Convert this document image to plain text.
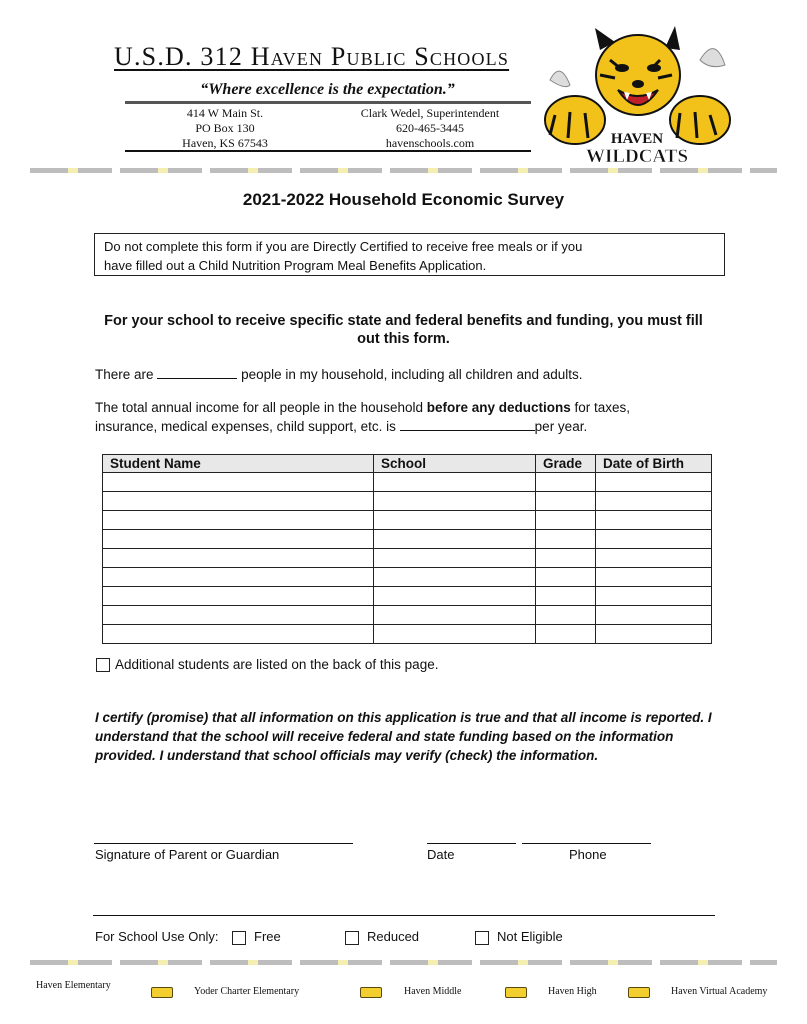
U.S.D. 312 Haven Public Schools
“Where excellence is the expectation.”
414 W Main St.
PO Box 130
Haven, KS 67543
Clark Wedel, Superintendent
620-465-3445
havenschools.com	HAVEN
WILDCATS
2021-2022 Household Economic Survey
Do not complete this form if you are Directly Certified to receive free meals or if you
have filled out a Child Nutrition Program Meal Benefits Application.
For your school to receive specific state and federal benefits and funding, you must fill out this form.
There are	people in my household, including all children and adults.
The total annual income for all people in the household before any deductions for taxes,
insurance, medical expenses, child support, etc. is	per year.
Student Name	School	Grade	Date of Birth

Additional students are listed on the back of this page.
I certify (promise) that all information on this application is true and that all income is reported. I understand that the school will receive federal and state funding based on the information provided. I understand that school officials may verify (check) the information.
Signature of Parent or Guardian	Date	Phone
For School Use Only:	Free	Reduced	Not Eligible
Haven Elementary
Yoder Charter Elementary	Haven Middle	Haven High	Haven Virtual Academy
